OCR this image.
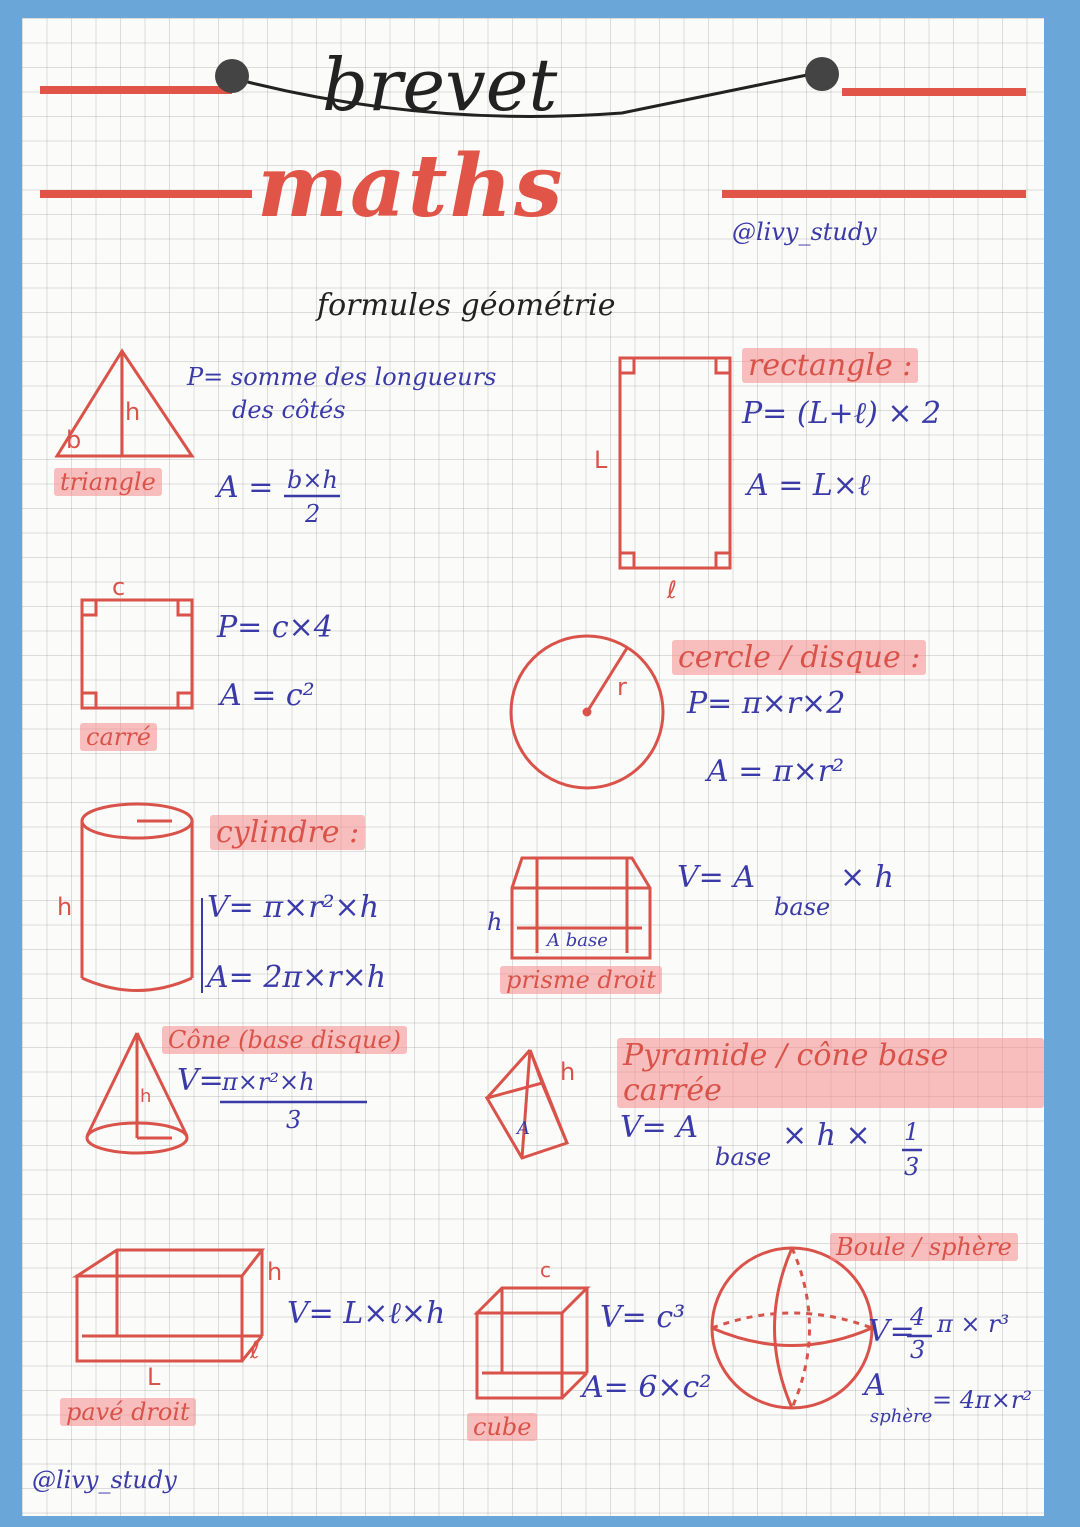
brevet
maths	@livy_study
formules géométrie
h
b
triangle
P= somme des longueurs
des côtés
A = b×h
2
rectangle :
P= (L+ℓ) × 2
A = L×ℓ
L
ℓ
c
P= c×4
A = c²
carré
r
cercle / disque :
P= π×r×2
A = π×r²
h
cylindre :
V= π×r²×h
A= 2π×r×h
h
A base
prisme droit
V= A
base
× h
Cône (base disque)
h V=
π×r²×h
3
h
A
Pyramide / cône base carrée
V= A
base
× h × 1
3
h
ℓ
L
V= L×ℓ×h
pavé droit
c
V= c³
A= 6×c²
cube
Boule / sphère
V=
4
3
π × r³
A
sphère
= 4π×r²
@livy_study
